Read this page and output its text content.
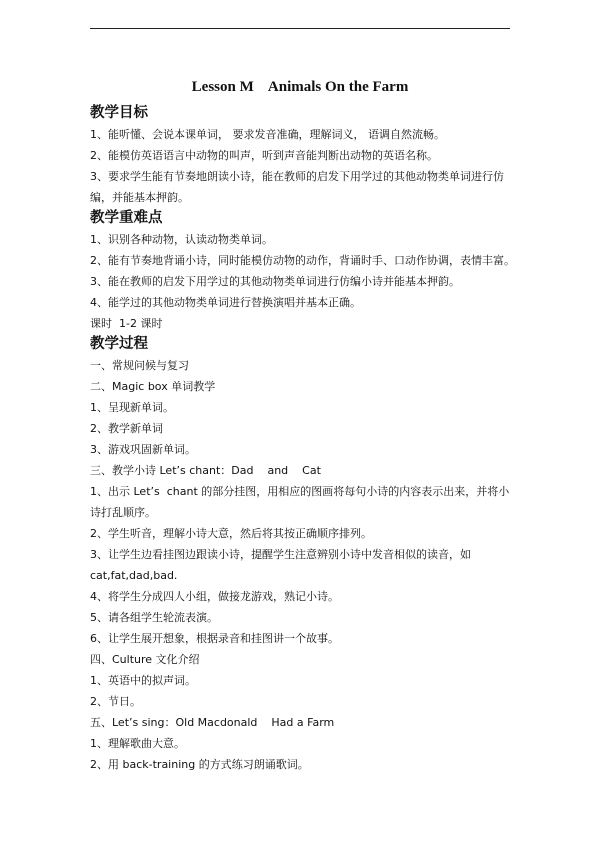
Lesson M    Animals On the Farm
教学目标
1、能听懂、会说本课单词， 要求发音准确，理解词义， 语调自然流畅。
2、能模仿英语语言中动物的叫声，听到声音能判断出动物的英语名称。
3、要求学生能有节奏地朗读小诗，能在教师的启发下用学过的其他动物类单词进行仿编，并能基本押韵。
教学重难点
1、识别各种动物，认读动物类单词。
2、能有节奏地背诵小诗，同时能模仿动物的动作，背诵时手、口动作协调，表情丰富。
3、能在教师的启发下用学过的其他动物类单词进行仿编小诗并能基本押韵。
4、能学过的其他动物类单词进行替换演唱并基本正确。
课时  1-2 课时
教学过程
一、常规问候与复习
二、Magic box 单词教学
1、呈现新单词。
2、教学新单词
3、游戏巩固新单词。
三、教学小诗 Let’s chant：Dad    and    Cat
1、出示 Let’s  chant 的部分挂图，用相应的图画将每句小诗的内容表示出来，并将小诗打乱顺序。
2、学生听音，理解小诗大意，然后将其按正确顺序排列。
3、让学生边看挂图边跟读小诗，提醒学生注意辨别小诗中发音相似的读音，如 cat,fat,dad,bad.
4、将学生分成四人小组，做接龙游戏，熟记小诗。
5、请各组学生轮流表演。
6、让学生展开想象，根据录音和挂图讲一个故事。
四、Culture 文化介绍
1、英语中的拟声词。
2、节日。
五、Let’s sing：Old Macdonald    Had a Farm
1、理解歌曲大意。
2、用 back-training 的方式练习朗诵歌词。
